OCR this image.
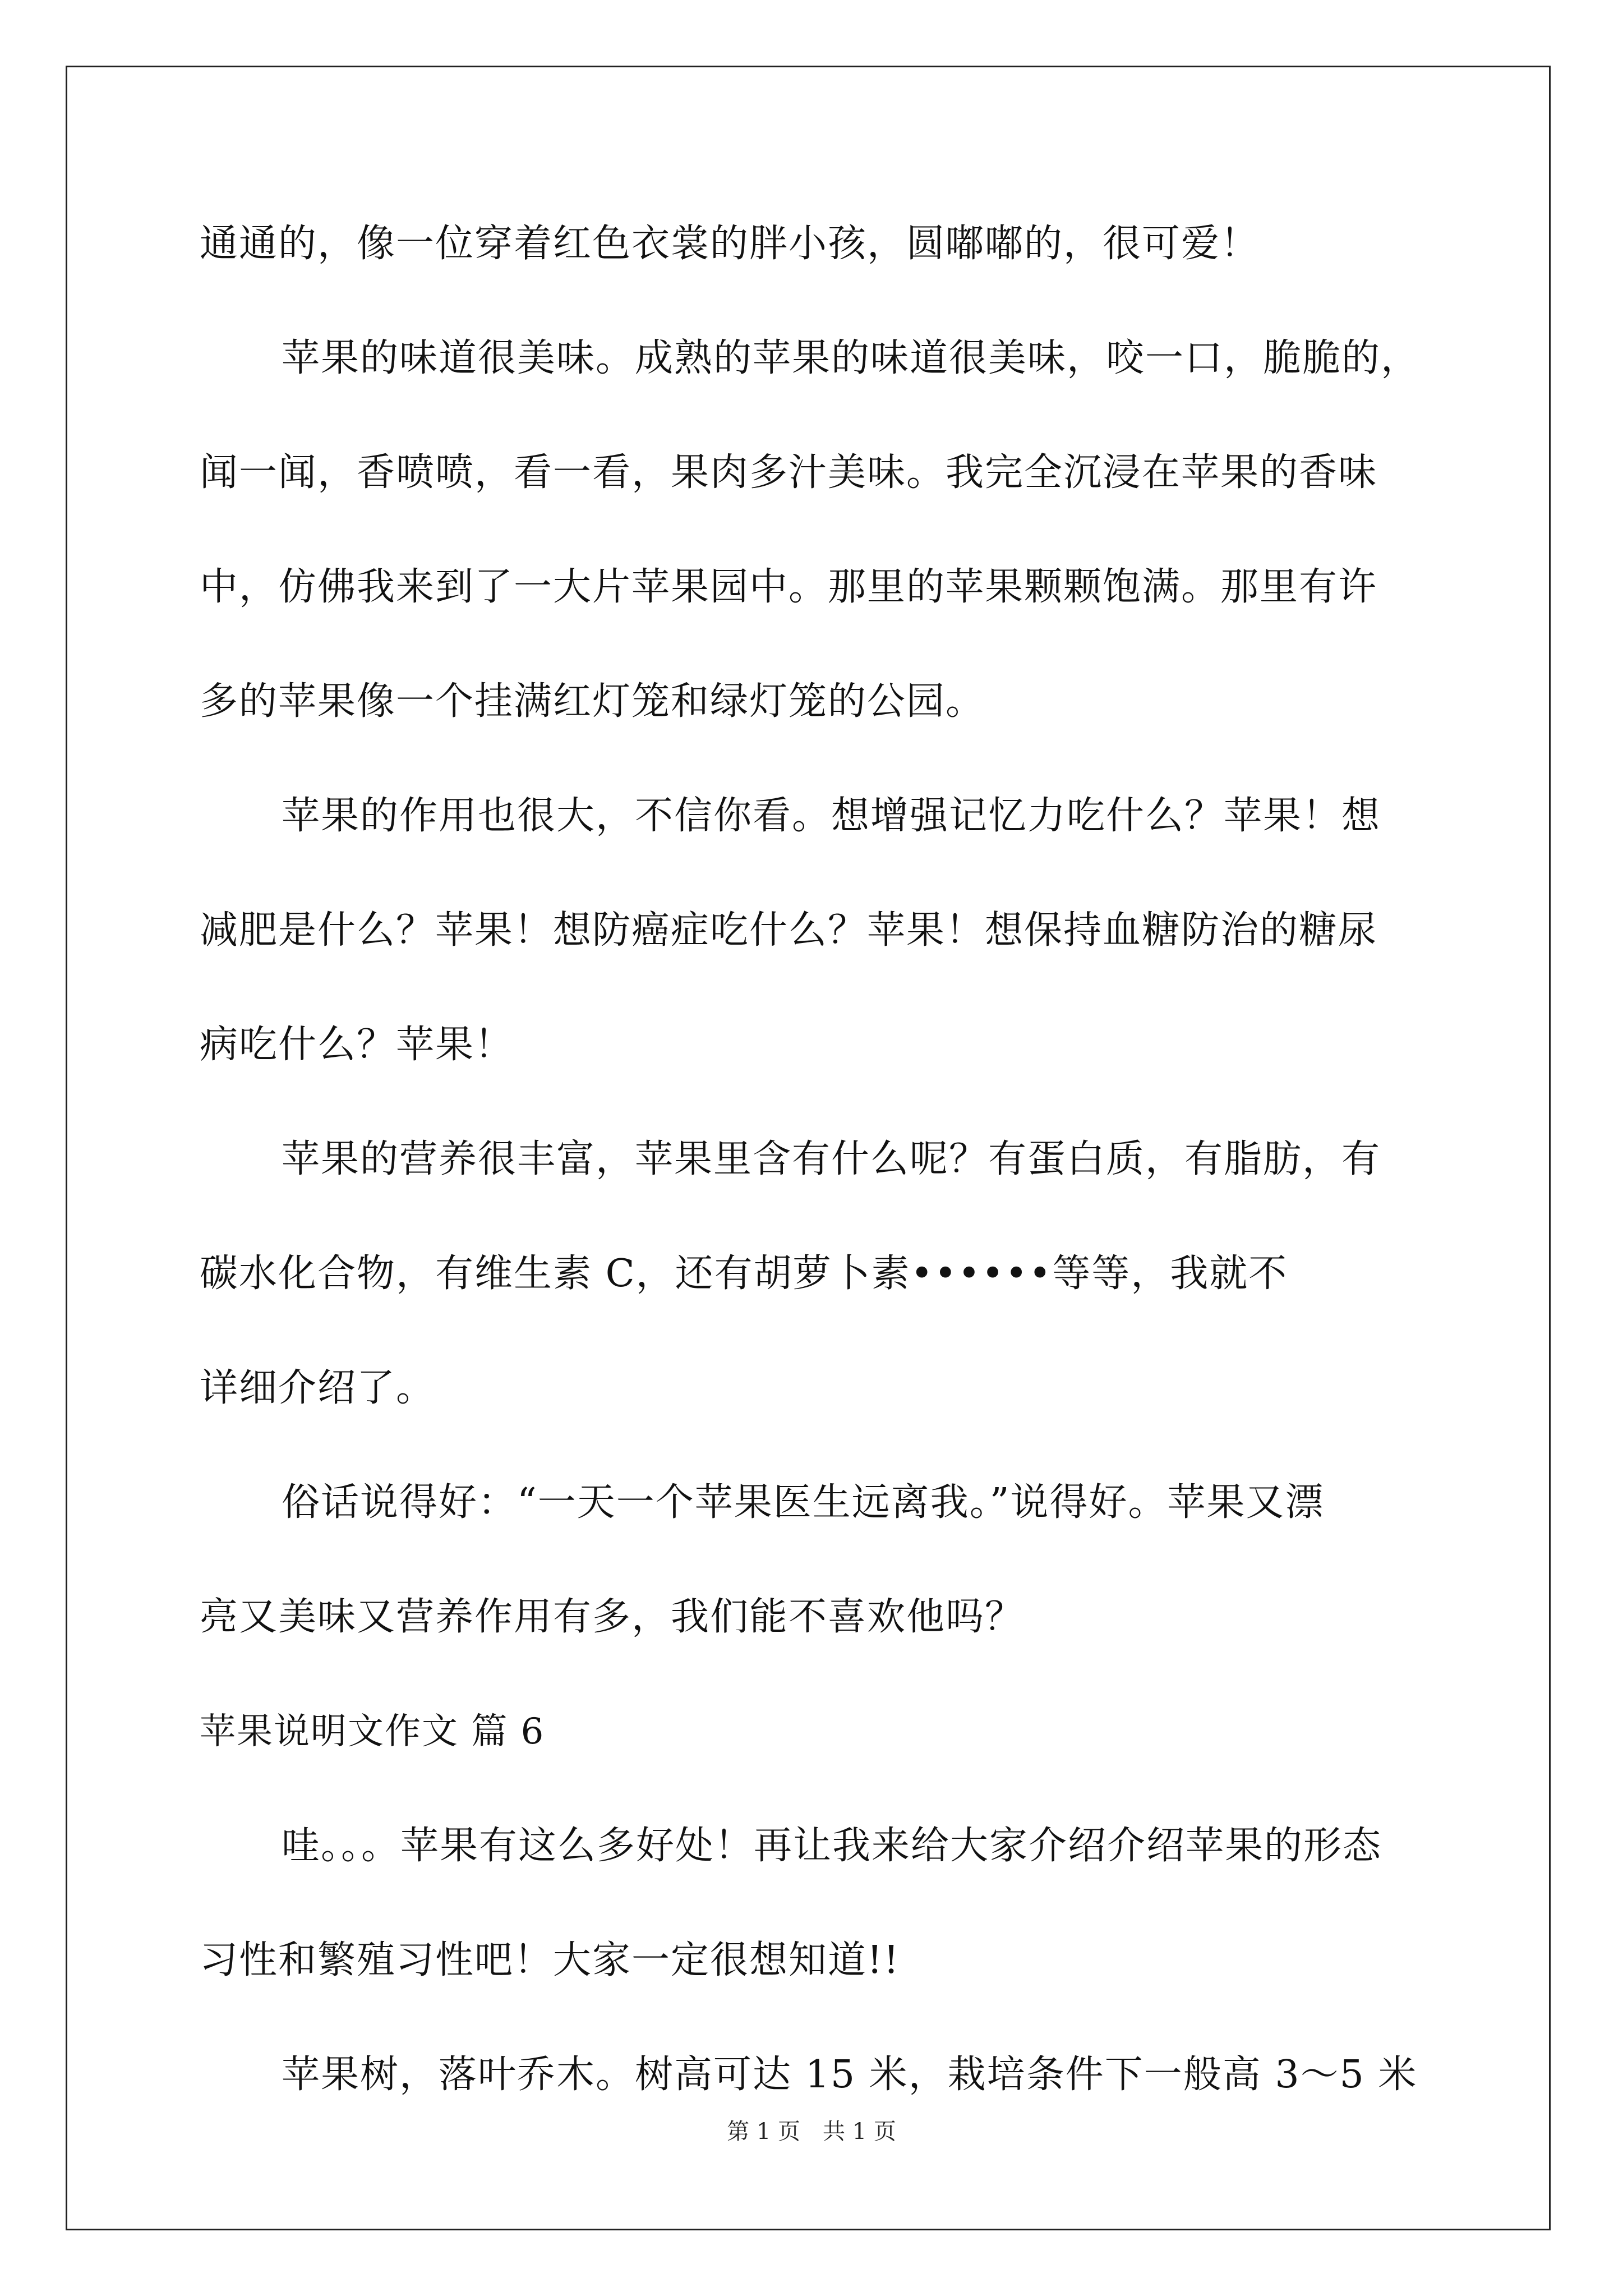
通通的，像一位穿着红色衣裳的胖小孩，圆嘟嘟的，很可爱！
苹果的味道很美味。成熟的苹果的味道很美味，咬一口，脆脆的，
闻一闻，香喷喷，看一看，果肉多汁美味。我完全沉浸在苹果的香味
中，仿佛我来到了一大片苹果园中。那里的苹果颗颗饱满。那里有许
多的苹果像一个挂满红灯笼和绿灯笼的公园。
苹果的作用也很大，不信你看。想增强记忆力吃什么？苹果！想
减肥是什么？苹果！想防癌症吃什么？苹果！想保持血糖防治的糖尿
病吃什么？苹果！
苹果的营养很丰富，苹果里含有什么呢？有蛋白质，有脂肪，有
碳水化合物，有维生素 C，还有胡萝卜素••••••等等，我就不
详细介绍了。
俗话说得好：“一天一个苹果医生远离我。”说得好。苹果又漂
亮又美味又营养作用有多，我们能不喜欢他吗？
苹果说明文作文 篇 6
哇。。。苹果有这么多好处！再让我来给大家介绍介绍苹果的形态
习性和繁殖习性吧！大家一定很想知道!!
苹果树，落叶乔木。树高可达 15 米，栽培条件下一般高 3～5 米
第 1 页 共 1 页
